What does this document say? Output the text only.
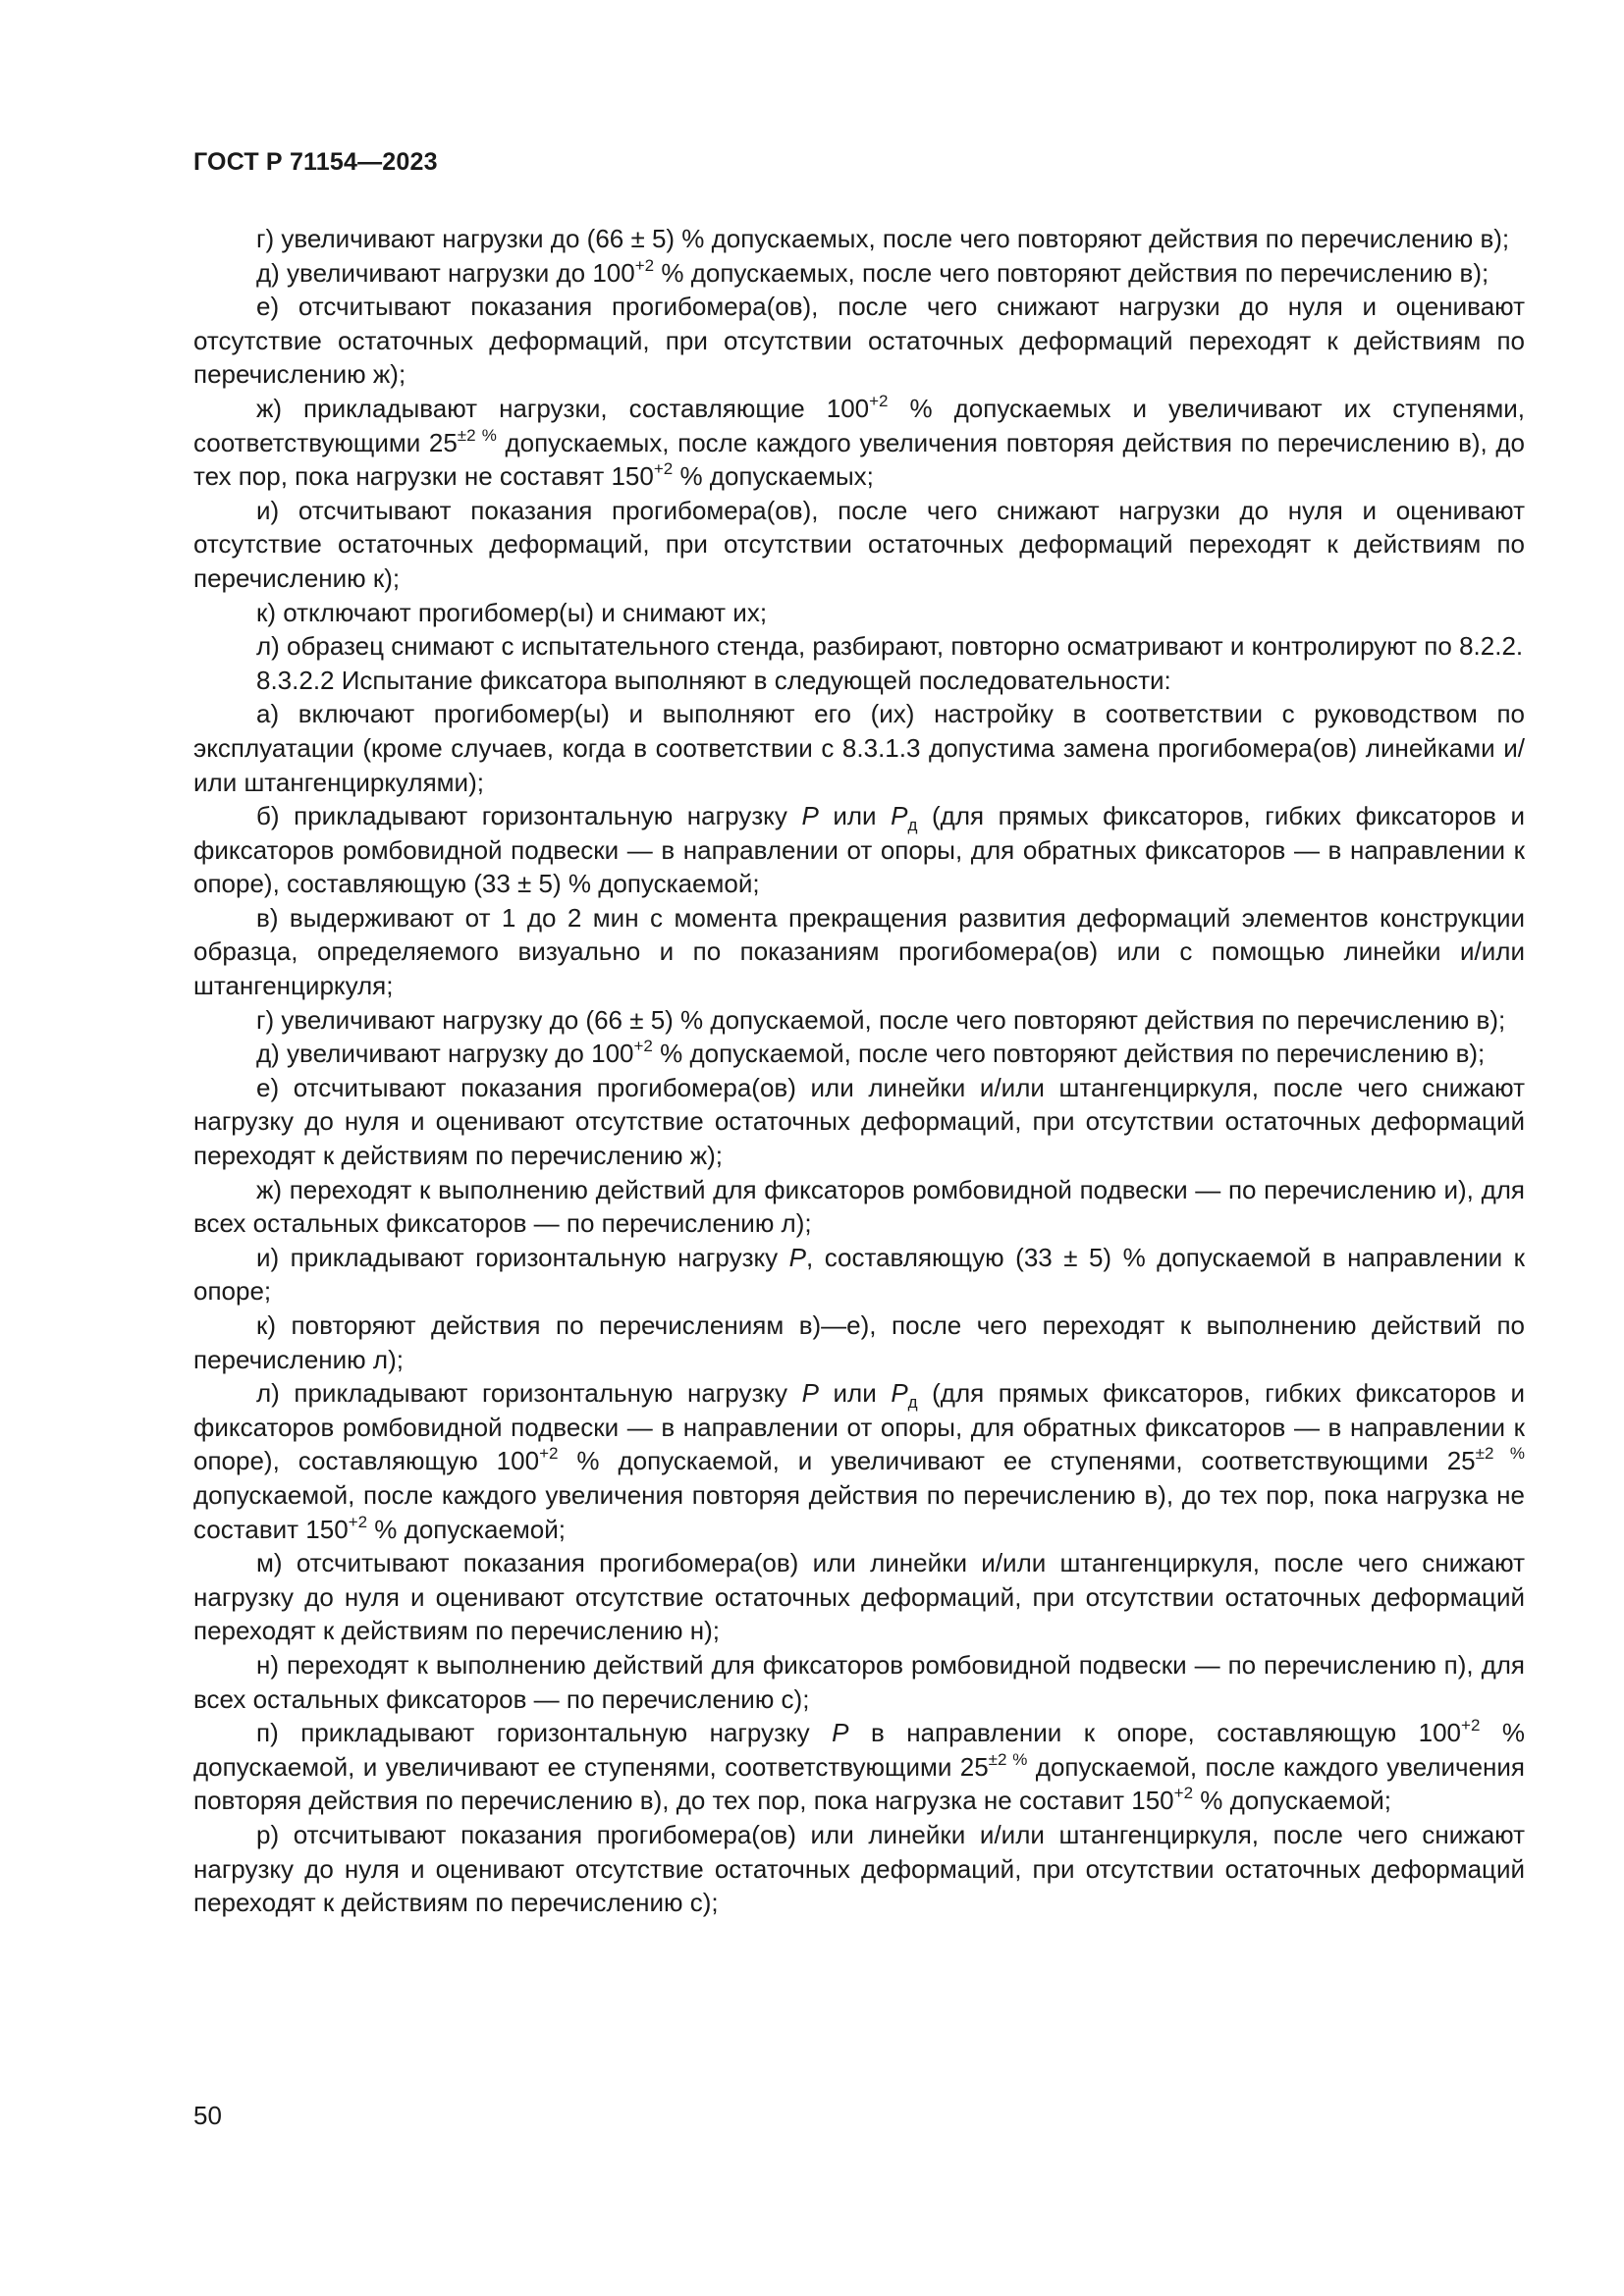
ГОСТ Р 71154—2023

г) увеличивают нагрузки до (66 ± 5) % допускаемых, после чего повторяют действия по перечислению в);

д) увеличивают нагрузки до $100^{+2}$ % допускаемых, после чего повторяют действия по перечислению в);

е) отсчитывают показания прогибомера(ов), после чего снижают нагрузки до нуля и оценивают отсутствие остаточных деформаций, при отсутствии остаточных деформаций переходят к действиям по перечислению ж);

ж) прикладывают нагрузки, составляющие $100^{+2}$ % допускаемых и увеличивают их ступенями, соответствующими $25^{\pm 2 \%}$ допускаемых, после каждого увеличения повторяя действия по перечислению в), до тех пор, пока нагрузки не составят $150^{+2}$ % допускаемых;

и) отсчитывают показания прогибомера(ов), после чего снижают нагрузки до нуля и оценивают отсутствие остаточных деформаций, при отсутствии остаточных деформаций переходят к действиям по перечислению к);

к) отключают прогибомер(ы) и снимают их;

л) образец снимают с испытательного стенда, разбирают, повторно осматривают и контролируют по 8.2.2.

8.3.2.2 Испытание фиксатора выполняют в следующей последовательности:

а) включают прогибомер(ы) и выполняют его (их) настройку в соответствии с руководством по эксплуатации (кроме случаев, когда в соответствии с 8.3.1.3 допустима замена прогибомера(ов) линейками и/или штангенциркулями);

б) прикладывают горизонтальную нагрузку P или $P_д$ (для прямых фиксаторов, гибких фиксаторов и фиксаторов ромбовидной подвески — в направлении от опоры, для обратных фиксаторов — в направлении к опоре), составляющую (33 ± 5) % допускаемой;

в) выдерживают от 1 до 2 мин с момента прекращения развития деформаций элементов конструкции образца, определяемого визуально и по показаниям прогибомера(ов) или с помощью линейки и/или штангенциркуля;

г) увеличивают нагрузку до (66 ± 5) % допускаемой, после чего повторяют действия по перечислению в);

д) увеличивают нагрузку до $100^{+2}$ % допускаемой, после чего повторяют действия по перечислению в);

е) отсчитывают показания прогибомера(ов) или линейки и/или штангенциркуля, после чего снижают нагрузку до нуля и оценивают отсутствие остаточных деформаций, при отсутствии остаточных деформаций переходят к действиям по перечислению ж);

ж) переходят к выполнению действий для фиксаторов ромбовидной подвески — по перечислению и), для всех остальных фиксаторов — по перечислению л);

и) прикладывают горизонтальную нагрузку P, составляющую (33 ± 5) % допускаемой в направлении к опоре;

к) повторяют действия по перечислениям в)—е), после чего переходят к выполнению действий по перечислению л);

л) прикладывают горизонтальную нагрузку P или $P_д$ (для прямых фиксаторов, гибких фиксаторов и фиксаторов ромбовидной подвески — в направлении от опоры, для обратных фиксаторов — в направлении к опоре), составляющую $100^{+2}$ % допускаемой, и увеличивают ее ступенями, соответствующими $25^{\pm 2 \%}$ допускаемой, после каждого увеличения повторяя действия по перечислению в), до тех пор, пока нагрузка не составит $150^{+2}$ % допускаемой;

м) отсчитывают показания прогибомера(ов) или линейки и/или штангенциркуля, после чего снижают нагрузку до нуля и оценивают отсутствие остаточных деформаций, при отсутствии остаточных деформаций переходят к действиям по перечислению н);

н) переходят к выполнению действий для фиксаторов ромбовидной подвески — по перечислению п), для всех остальных фиксаторов — по перечислению с);

п) прикладывают горизонтальную нагрузку P в направлении к опоре, составляющую $100^{+2}$ % допускаемой, и увеличивают ее ступенями, соответствующими $25^{\pm 2 \%}$ допускаемой, после каждого увеличения повторяя действия по перечислению в), до тех пор, пока нагрузка не составит $150^{+2}$ % допускаемой;

р) отсчитывают показания прогибомера(ов) или линейки и/или штангенциркуля, после чего снижают нагрузку до нуля и оценивают отсутствие остаточных деформаций, при отсутствии остаточных деформаций переходят к действиям по перечислению с);

50
